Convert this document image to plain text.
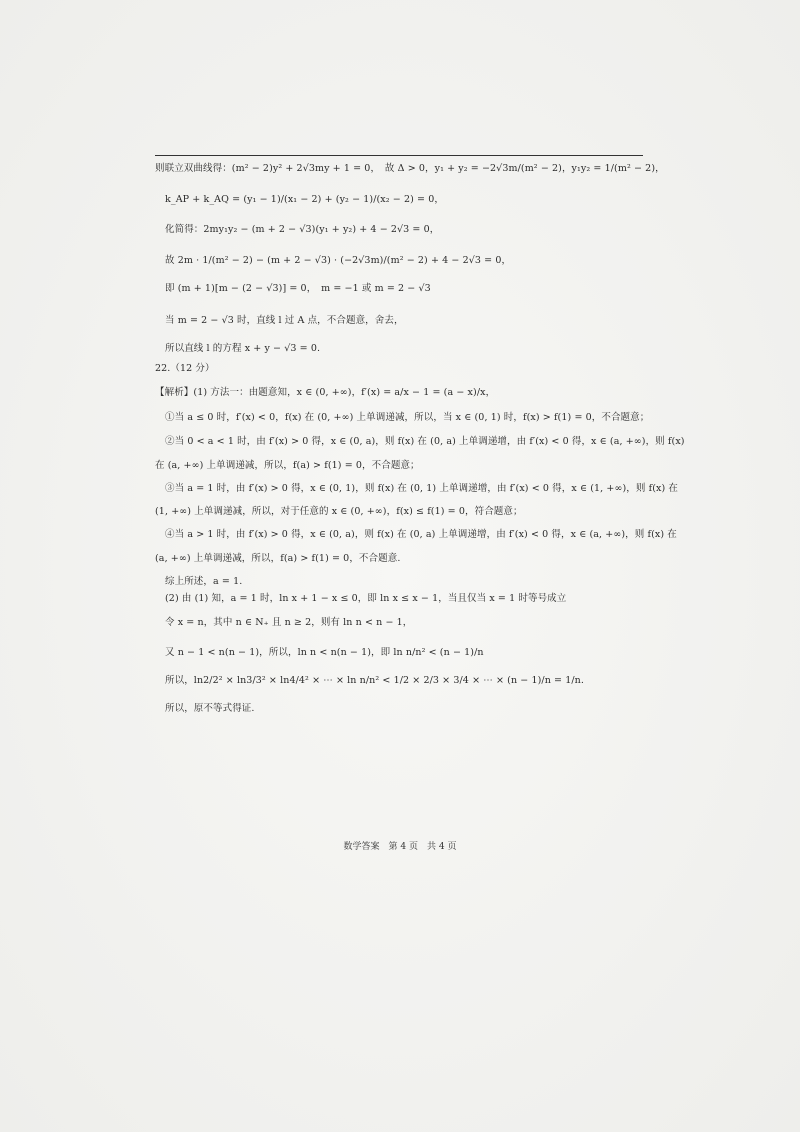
则联立双曲线得：(m² − 2)y² + 2√3my + 1 = 0，　故 Δ > 0，y₁ + y₂ = −2√3m/(m² − 2)，y₁y₂ = 1/(m² − 2)，
k_AP + k_AQ = (y₁ − 1)/(x₁ − 2) + (y₂ − 1)/(x₂ − 2) = 0，
化简得：2my₁y₂ − (m + 2 − √3)(y₁ + y₂) + 4 − 2√3 = 0，
故 2m · 1/(m² − 2) − (m + 2 − √3) · (−2√3m)/(m² − 2) + 4 − 2√3 = 0，
即 (m + 1)[m − (2 − √3)] = 0，　m = −1 或 m = 2 − √3
当 m = 2 − √3 时，直线 l 过 A 点，不合题意，舍去，
所以直线 l 的方程 x + y − √3 = 0.
22.（12 分）
【解析】(1) 方法一：由题意知，x ∈ (0, +∞)，f′(x) = a/x − 1 = (a − x)/x，
①当 a ≤ 0 时，f′(x) < 0，f(x) 在 (0, +∞) 上单调递减，所以，当 x ∈ (0, 1) 时，f(x) > f(1) = 0，不合题意；
②当 0 < a < 1 时，由 f′(x) > 0 得，x ∈ (0, a)，则 f(x) 在 (0, a) 上单调递增，由 f′(x) < 0 得，x ∈ (a, +∞)，则 f(x)
在 (a, +∞) 上单调递减，所以，f(a) > f(1) = 0，不合题意；
③当 a = 1 时，由 f′(x) > 0 得，x ∈ (0, 1)，则 f(x) 在 (0, 1) 上单调递增，由 f′(x) < 0 得，x ∈ (1, +∞)，则 f(x) 在
(1, +∞) 上单调递减，所以，对于任意的 x ∈ (0, +∞)，f(x) ≤ f(1) = 0，符合题意；
④当 a > 1 时，由 f′(x) > 0 得，x ∈ (0, a)，则 f(x) 在 (0, a) 上单调递增，由 f′(x) < 0 得，x ∈ (a, +∞)，则 f(x) 在
(a, +∞) 上单调递减，所以，f(a) > f(1) = 0，不合题意.
综上所述，a = 1.
(2) 由 (1) 知，a = 1 时，ln x + 1 − x ≤ 0，即 ln x ≤ x − 1，当且仅当 x = 1 时等号成立
令 x = n，其中 n ∈ N₊ 且 n ≥ 2，则有 ln n < n − 1，
又 n − 1 < n(n − 1)，所以，ln n < n(n − 1)，即 ln n/n² < (n − 1)/n
所以，ln2/2² × ln3/3² × ln4/4² × ⋯ × ln n/n² < 1/2 × 2/3 × 3/4 × ⋯ × (n − 1)/n = 1/n.
所以，原不等式得证.
数学答案　第 4 页　共 4 页
